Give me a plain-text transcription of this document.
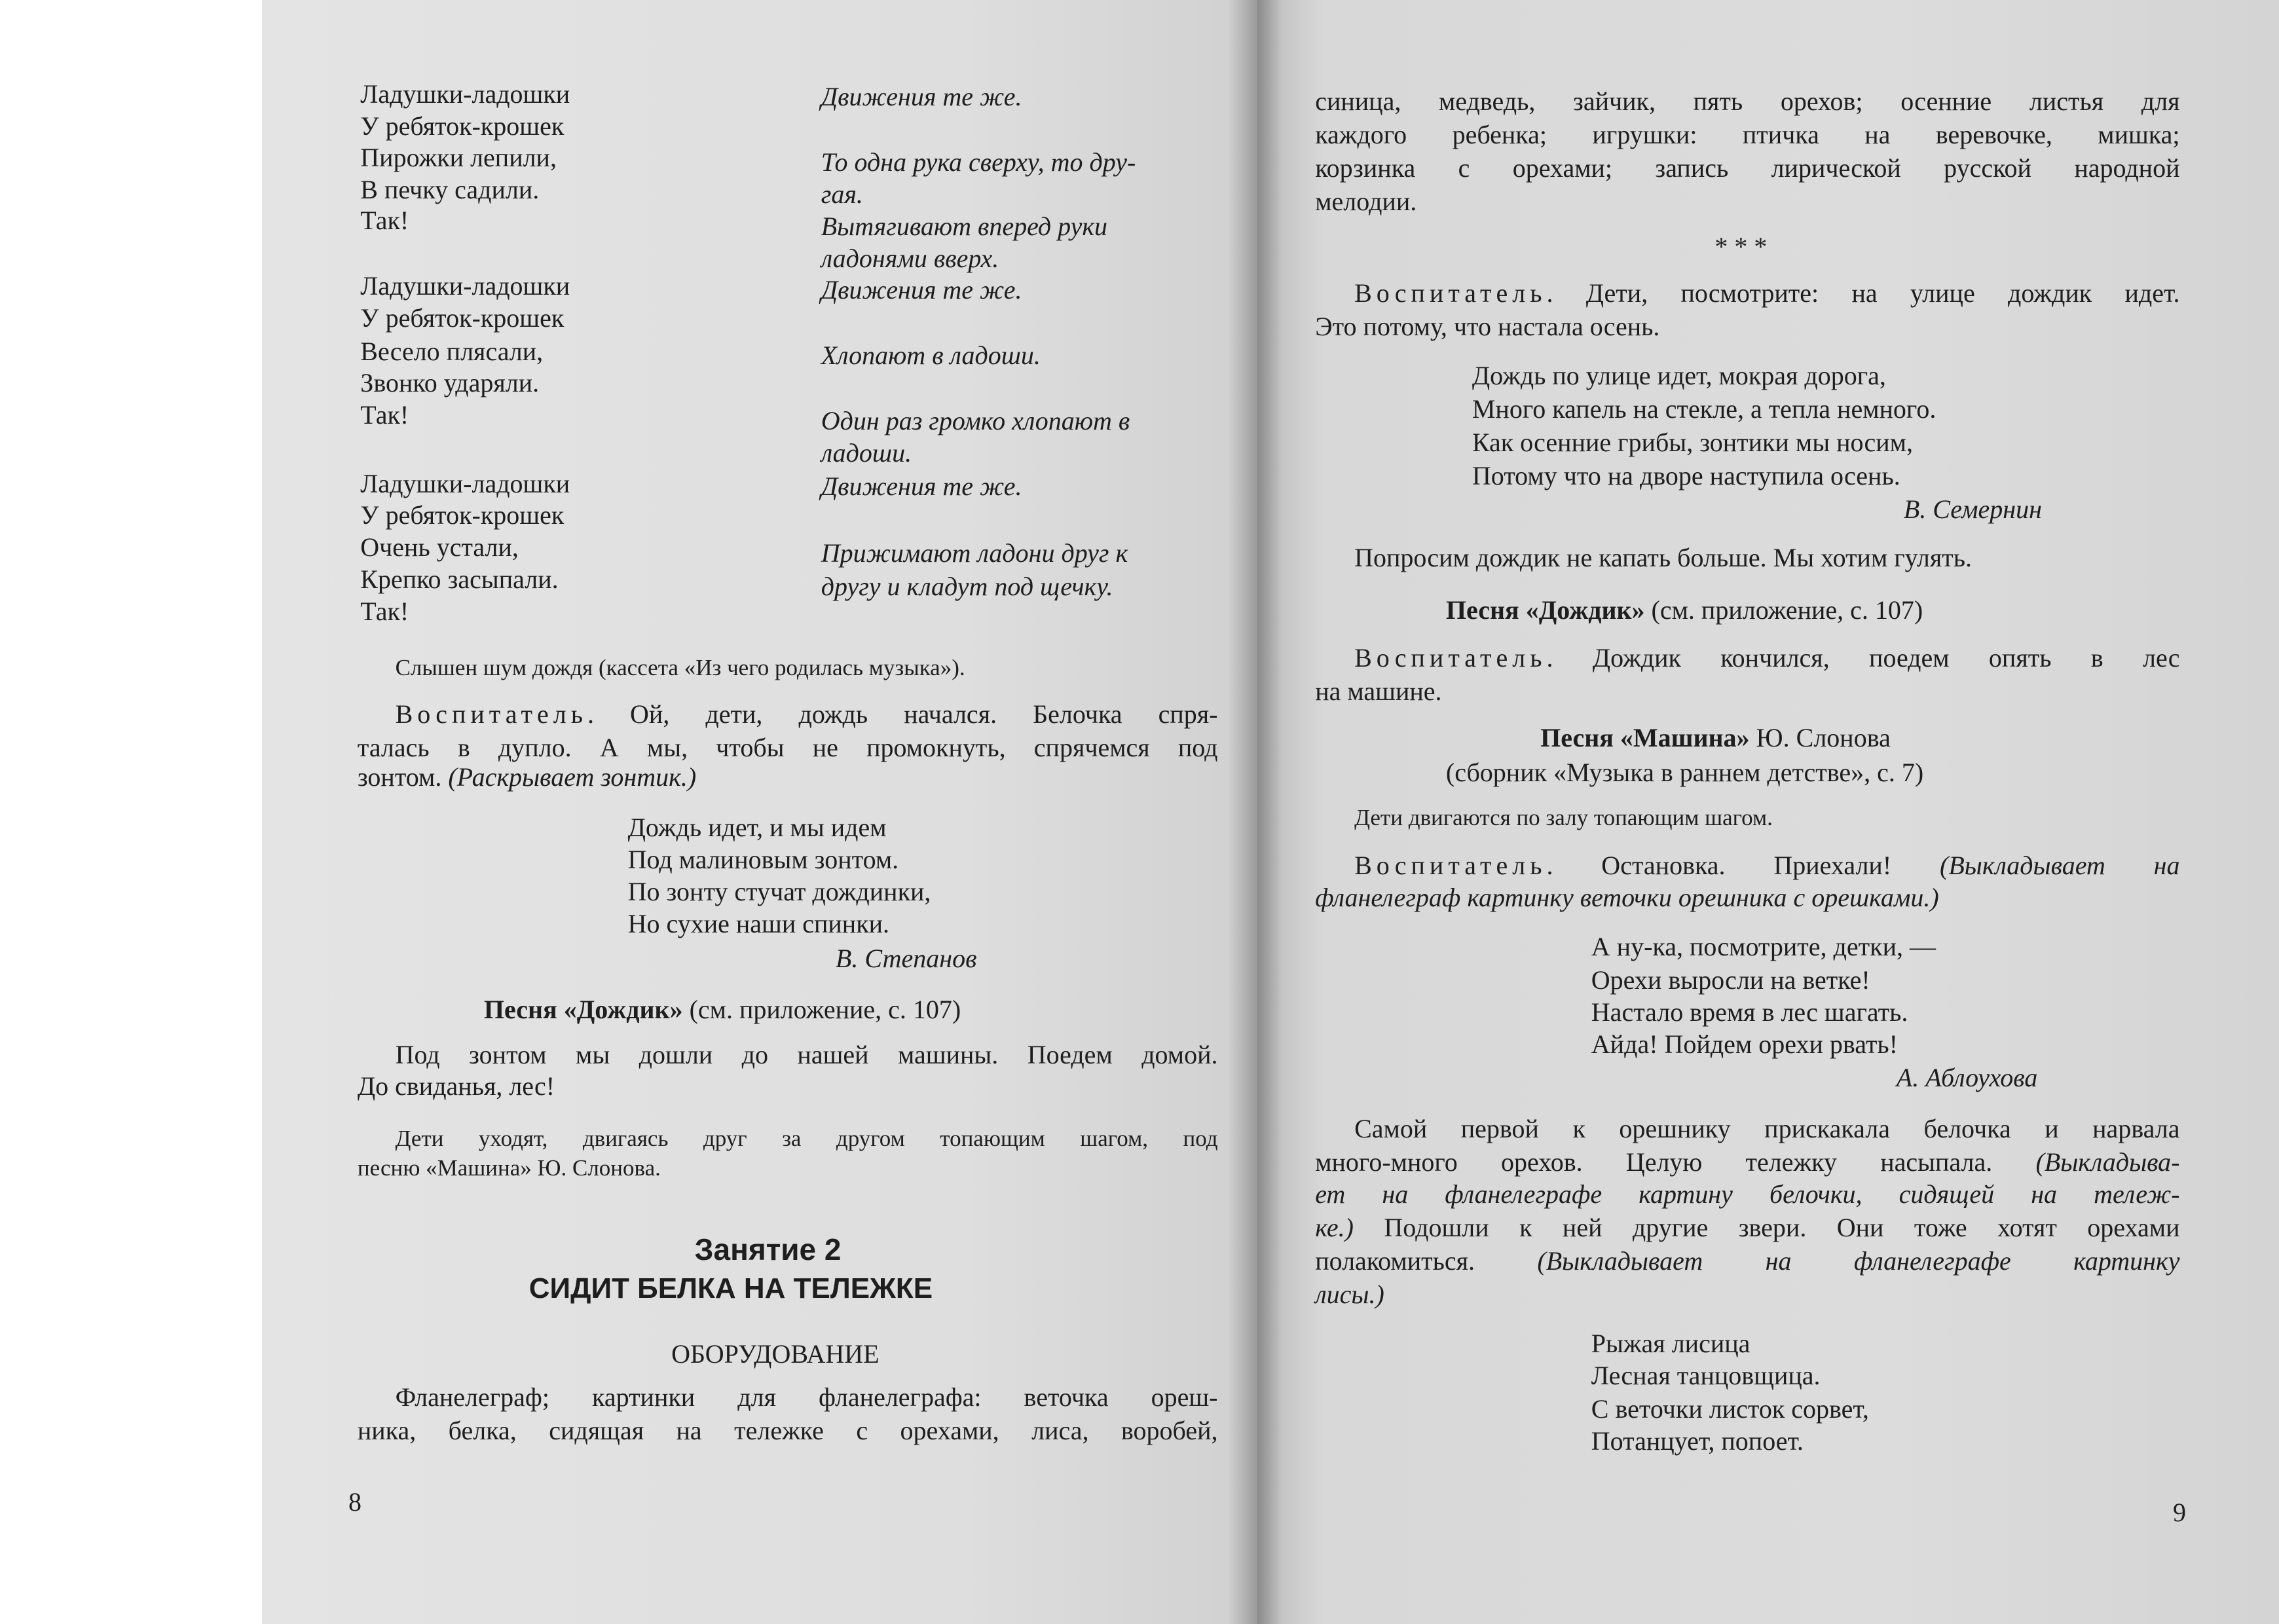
Ладушки-ладошки	Движения те же.
У ребяток-крошек
Пирожки лепили,	То одна рука сверху, то дру-
В печку садили.	гая.
Так!	Вытягивают вперед руки
ладонями вверх.
Ладушки-ладошки	Движения те же.
У ребяток-крошек
Весело плясали,	Хлопают в ладоши.
Звонко ударяли.
Так!	Один раз громко хлопают в
ладоши.
Ладушки-ладошки	Движения те же.
У ребяток-крошек
Очень устали,	Прижимают ладони друг к
Крепко засыпали.	другу и кладут под щечку.
Так!
Слышен шум дождя (кассета «Из чего родилась музыка»).
Воспитатель. Ой, дети, дождь начался. Белочка спря-
талась в дупло. А мы, чтобы не промокнуть, спрячемся под
зонтом. (Раскрывает зонтик.)
Дождь идет, и мы идем
Под малиновым зонтом.
По зонту стучат дождинки,
Но сухие наши спинки.
В. Степанов
Песня «Дождик» (см. приложение, с. 107)
Под зонтом мы дошли до нашей машины. Поедем домой.
До свиданья, лес!
Дети уходят, двигаясь друг за другом топающим шагом, под
песню «Машина» Ю. Слонова.
Занятие 2
СИДИТ БЕЛКА НА ТЕЛЕЖКЕ
ОБОРУДОВАНИЕ
Фланелеграф; картинки для фланелеграфа: веточка ореш-
ника, белка, сидящая на тележке с орехами, лиса, воробей,
синица, медведь, зайчик, пять орехов; осенние листья для
каждого ребенка; игрушки: птичка на веревочке, мишка;
корзинка с орехами; запись лирической русской народной
мелодии.
* * *
Воспитатель. Дети, посмотрите: на улице дождик идет.
Это потому, что настала осень.
Дождь по улице идет, мокрая дорога,
Много капель на стекле, а тепла немного.
Как осенние грибы, зонтики мы носим,
Потому что на дворе наступила осень.
В. Семернин
Попросим дождик не капать больше. Мы хотим гулять.
Песня «Дождик» (см. приложение, с. 107)
Воспитатель. Дождик кончился, поедем опять в лес
на машине.
Песня «Машина» Ю. Слонова
(сборник «Музыка в раннем детстве», с. 7)
Дети двигаются по залу топающим шагом.
Воспитатель. Остановка. Приехали! (Выкладывает на
фланелеграф картинку веточки орешника с орешками.)
А ну-ка, посмотрите, детки, —
Орехи выросли на ветке!
Настало время в лес шагать.
Айда! Пойдем орехи рвать!
А. Аблоухова
Самой первой к орешнику прискакала белочка и нарвала
много-много орехов. Целую тележку насыпала. (Выкладыва-
ет на фланелеграфе картину белочки, сидящей на тележ-
ке.) Подошли к ней другие звери. Они тоже хотят орехами
полакомиться. (Выкладывает на фланелеграфе картинку
лисы.)
Рыжая лисица
Лесная танцовщица.
С веточки листок сорвет,
Потанцует, попоет.
8	9
